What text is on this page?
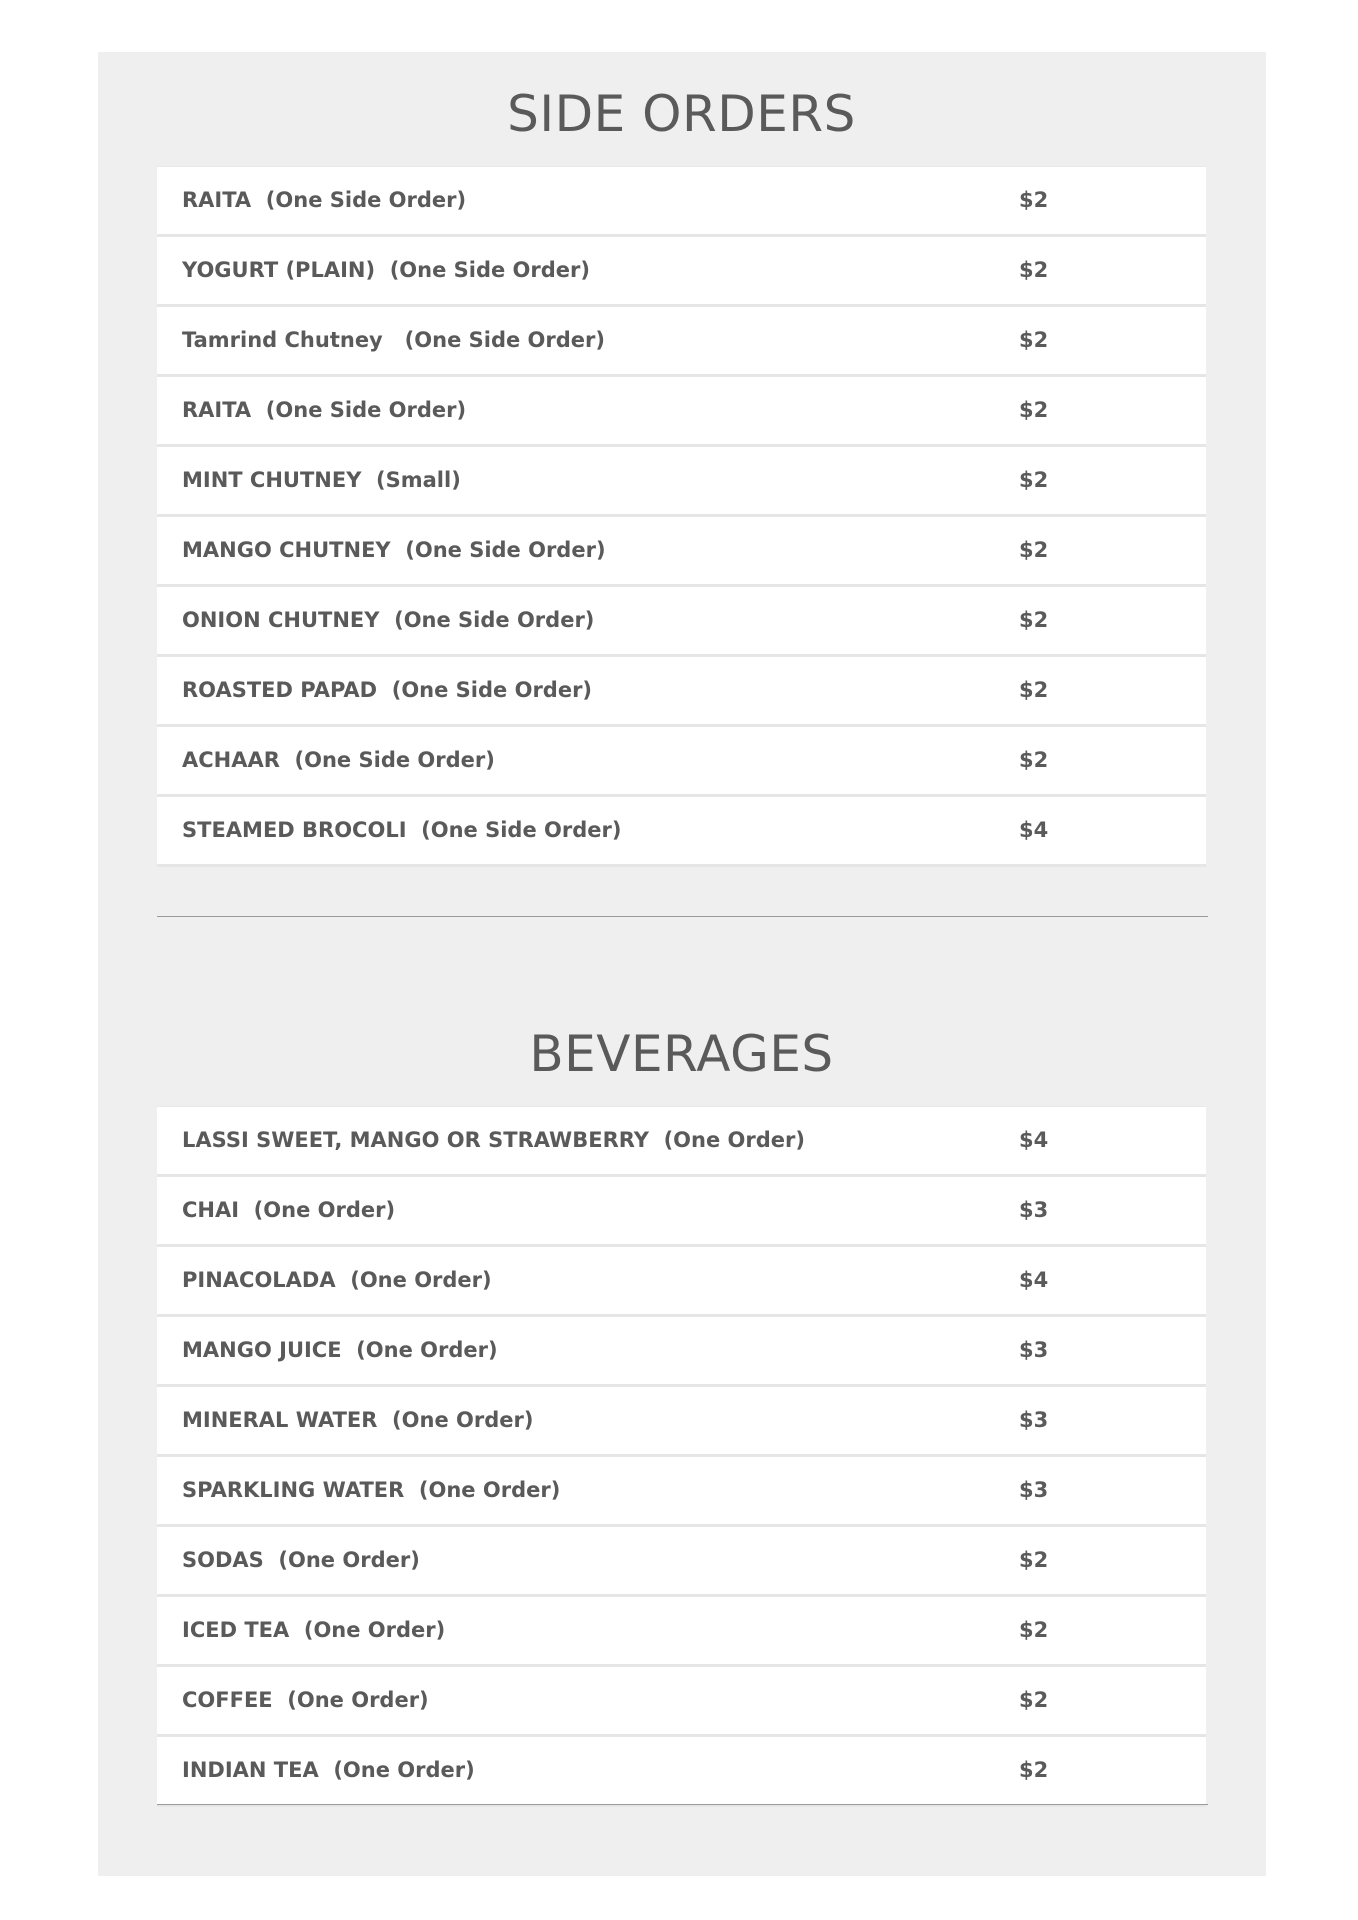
SIDE ORDERS
RAITA  (One Side Order)	$2
YOGURT (PLAIN)  (One Side Order)	$2
Tamrind Chutney   (One Side Order)	$2
RAITA  (One Side Order)	$2
MINT CHUTNEY  (Small)	$2
MANGO CHUTNEY  (One Side Order)	$2
ONION CHUTNEY  (One Side Order)	$2
ROASTED PAPAD  (One Side Order)	$2
ACHAAR  (One Side Order)	$2
STEAMED BROCOLI  (One Side Order)	$4
BEVERAGES
LASSI SWEET, MANGO OR STRAWBERRY  (One Order)	$4
CHAI  (One Order)	$3
PINACOLADA  (One Order)	$4
MANGO JUICE  (One Order)	$3
MINERAL WATER  (One Order)	$3
SPARKLING WATER  (One Order)	$3
SODAS  (One Order)	$2
ICED TEA  (One Order)	$2
COFFEE  (One Order)	$2
INDIAN TEA  (One Order)	$2
